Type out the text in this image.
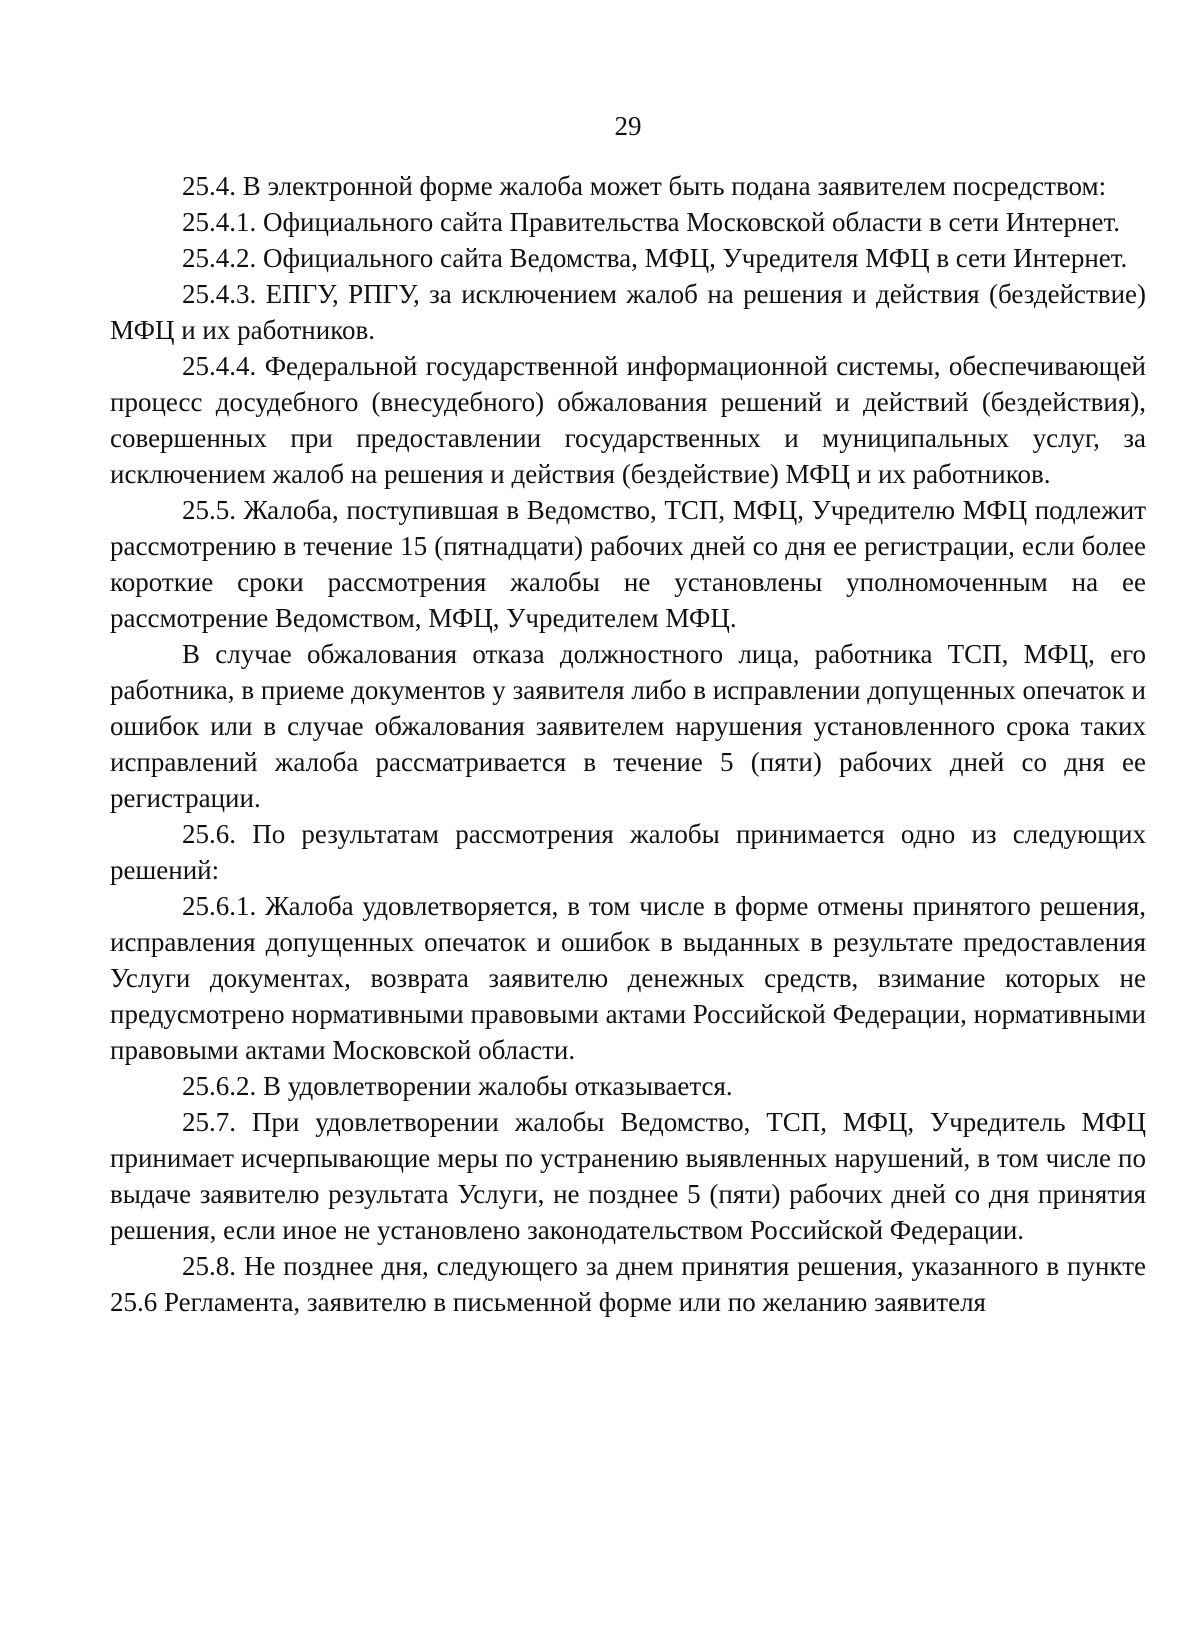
29

25.4. В электронной форме жалоба может быть подана заявителем посредством:

25.4.1. Официального сайта Правительства Московской области в сети Интернет.

25.4.2. Официального сайта Ведомства, МФЦ, Учредителя МФЦ в сети Интернет.

25.4.3. ЕПГУ, РПГУ, за исключением жалоб на решения и действия (бездействие) МФЦ и их работников.

25.4.4. Федеральной государственной информационной системы, обеспечивающей процесс досудебного (внесудебного) обжалования решений и действий (бездействия), совершенных при предоставлении государственных и муниципальных услуг, за исключением жалоб на решения и действия (бездействие) МФЦ и их работников.

25.5. Жалоба, поступившая в Ведомство, ТСП, МФЦ, Учредителю МФЦ подлежит рассмотрению в течение 15 (пятнадцати) рабочих дней со дня ее регистрации, если более короткие сроки рассмотрения жалобы не установлены уполномоченным на ее рассмотрение Ведомством, МФЦ, Учредителем МФЦ.

В случае обжалования отказа должностного лица, работника ТСП, МФЦ, его работника, в приеме документов у заявителя либо в исправлении допущенных опечаток и ошибок или в случае обжалования заявителем нарушения установленного срока таких исправлений жалоба рассматривается в течение 5 (пяти) рабочих дней со дня ее регистрации.

25.6. По результатам рассмотрения жалобы принимается одно из следующих решений:

25.6.1. Жалоба удовлетворяется, в том числе в форме отмены принятого решения, исправления допущенных опечаток и ошибок в выданных в результате предоставления Услуги документах, возврата заявителю денежных средств, взимание которых не предусмотрено нормативными правовыми актами Российской Федерации, нормативными правовыми актами Московской области.

25.6.2. В удовлетворении жалобы отказывается.

25.7. При удовлетворении жалобы Ведомство, ТСП, МФЦ, Учредитель МФЦ принимает исчерпывающие меры по устранению выявленных нарушений, в том числе по выдаче заявителю результата Услуги, не позднее 5 (пяти) рабочих дней со дня принятия решения, если иное не установлено законодательством Российской Федерации.

25.8. Не позднее дня, следующего за днем принятия решения, указанного в пункте 25.6 Регламента, заявителю в письменной форме или по желанию заявителя
